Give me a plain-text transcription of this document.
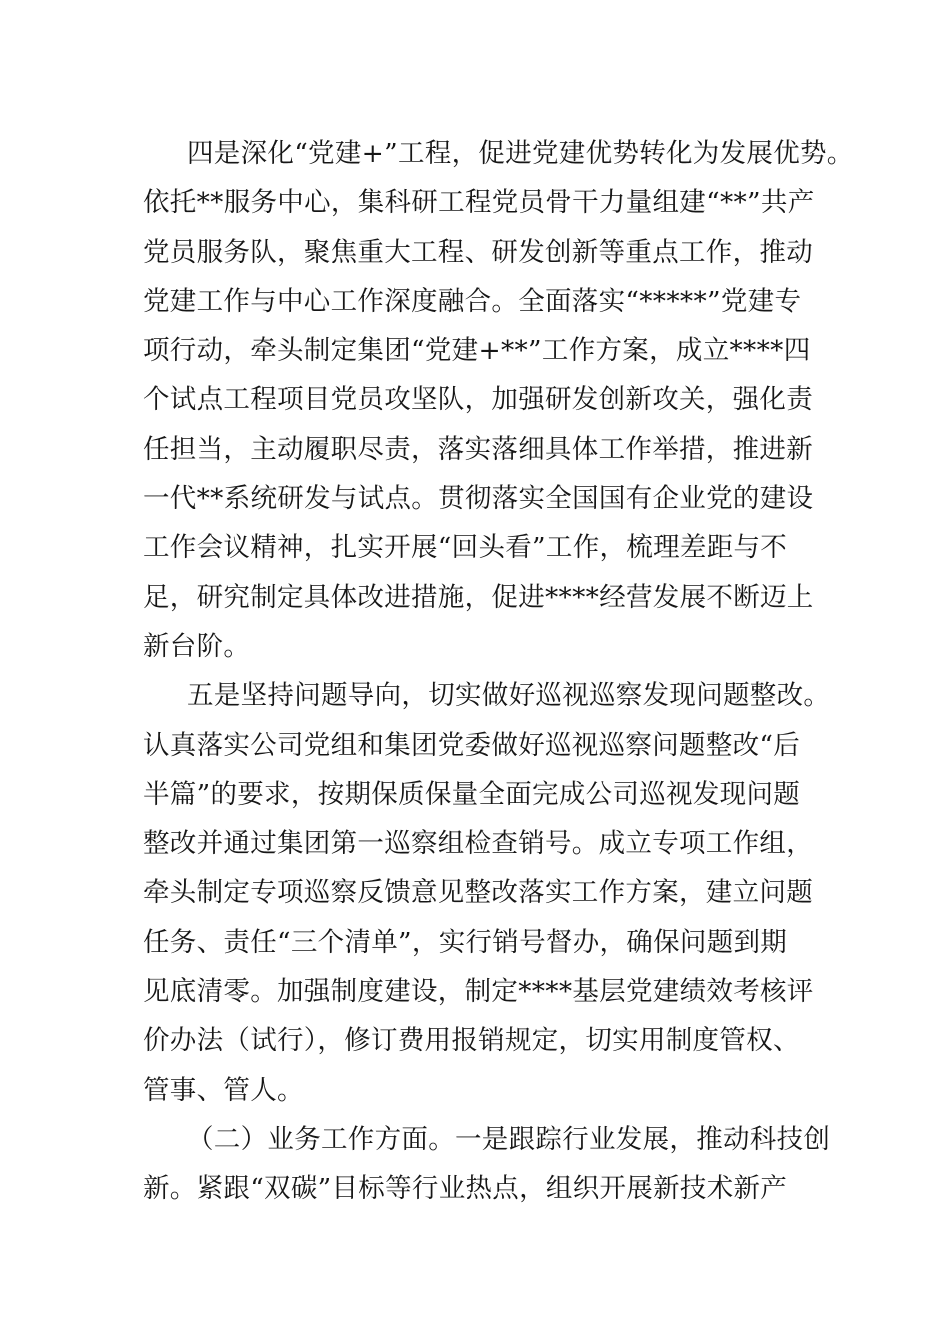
四是深化“党建+”工程，促进党建优势转化为发展优势。
依托**服务中心，集科研工程党员骨干力量组建“**”共产
党员服务队，聚焦重大工程、研发创新等重点工作，推动
党建工作与中心工作深度融合。全面落实“*****”党建专
项行动，牵头制定集团“党建+**”工作方案，成立****四
个试点工程项目党员攻坚队，加强研发创新攻关，强化责
任担当，主动履职尽责，落实落细具体工作举措，推进新
一代**系统研发与试点。贯彻落实全国国有企业党的建设
工作会议精神，扎实开展“回头看”工作，梳理差距与不
足，研究制定具体改进措施，促进****经营发展不断迈上
新台阶。
五是坚持问题导向，切实做好巡视巡察发现问题整改。
认真落实公司党组和集团党委做好巡视巡察问题整改“后
半篇”的要求，按期保质保量全面完成公司巡视发现问题
整改并通过集团第一巡察组检查销号。成立专项工作组，
牵头制定专项巡察反馈意见整改落实工作方案，建立问题
任务、责任“三个清单”，实行销号督办，确保问题到期
见底清零。加强制度建设，制定****基层党建绩效考核评
价办法（试行），修订费用报销规定，切实用制度管权、
管事、管人。
（二）业务工作方面。一是跟踪行业发展，推动科技创
新。紧跟“双碳”目标等行业热点，组织开展新技术新产
